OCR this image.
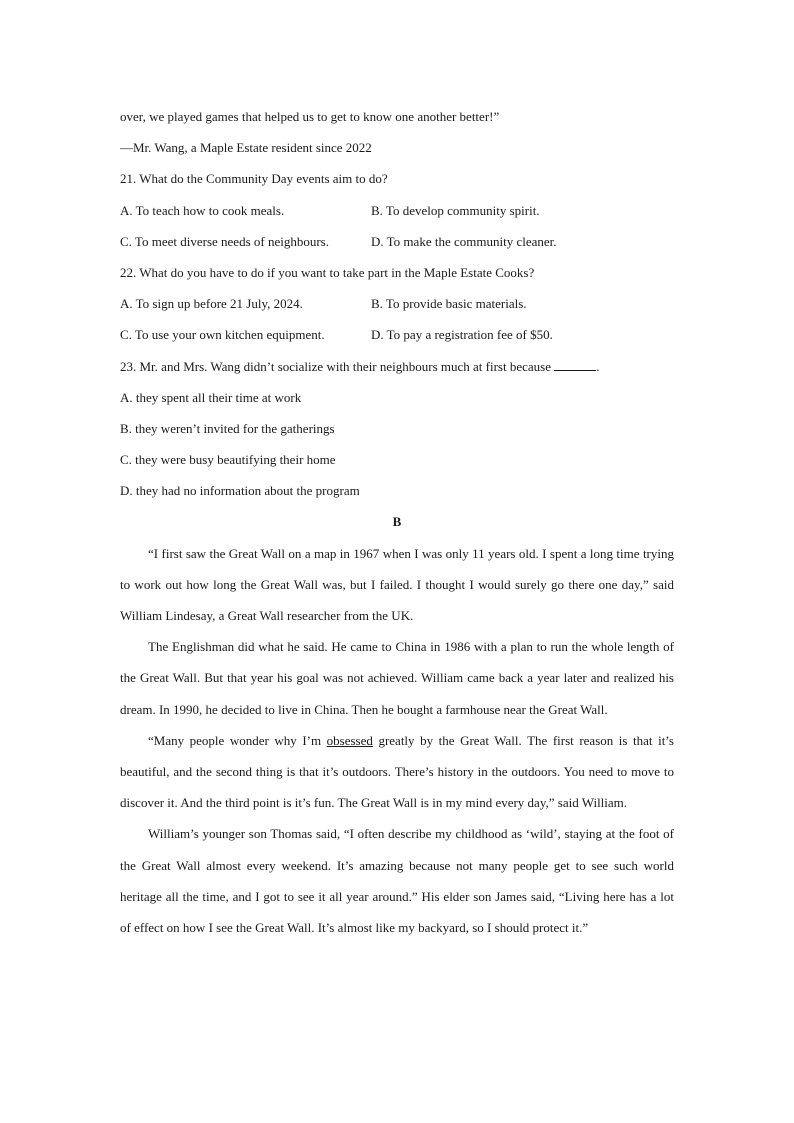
over, we played games that helped us to get to know one another better!”
—Mr. Wang, a Maple Estate resident since 2022
21. What do the Community Day events aim to do?
A. To teach how to cook meals.	B. To develop community spirit.
C. To meet diverse needs of neighbours.	D. To make the community cleaner.
22. What do you have to do if you want to take part in the Maple Estate Cooks?
A. To sign up before 21 July, 2024.	B. To provide basic materials.
C. To use your own kitchen equipment.	D. To pay a registration fee of $50.
23. Mr. and Mrs. Wang didn’t socialize with their neighbours much at first because	.
A. they spent all their time at work
B. they weren’t invited for the gatherings
C. they were busy beautifying their home
D. they had no information about the program
B

“I first saw the Great Wall on a map in 1967 when I was only 11 years old. I spent a long time trying to work out how long the Great Wall was, but I failed. I thought I would surely go there one day,” said William Lindesay, a Great Wall researcher from the UK.

The Englishman did what he said. He came to China in 1986 with a plan to run the whole length of the Great Wall. But that year his goal was not achieved. William came back a year later and realized his dream. In 1990, he decided to live in China. Then he bought a farmhouse near the Great Wall.

“Many people wonder why I’m obsessed greatly by the Great Wall. The first reason is that it’s beautiful, and the second thing is that it’s outdoors. There’s history in the outdoors. You need to move to discover it. And the third point is it’s fun. The Great Wall is in my mind every day,” said William.

William’s younger son Thomas said, “I often describe my childhood as ‘wild’, staying at the foot of the Great Wall almost every weekend. It’s amazing because not many people get to see such world heritage all the time, and I got to see it all year around.” His elder son James said, “Living here has a lot of effect on how I see the Great Wall. It’s almost like my backyard, so I should protect it.”
